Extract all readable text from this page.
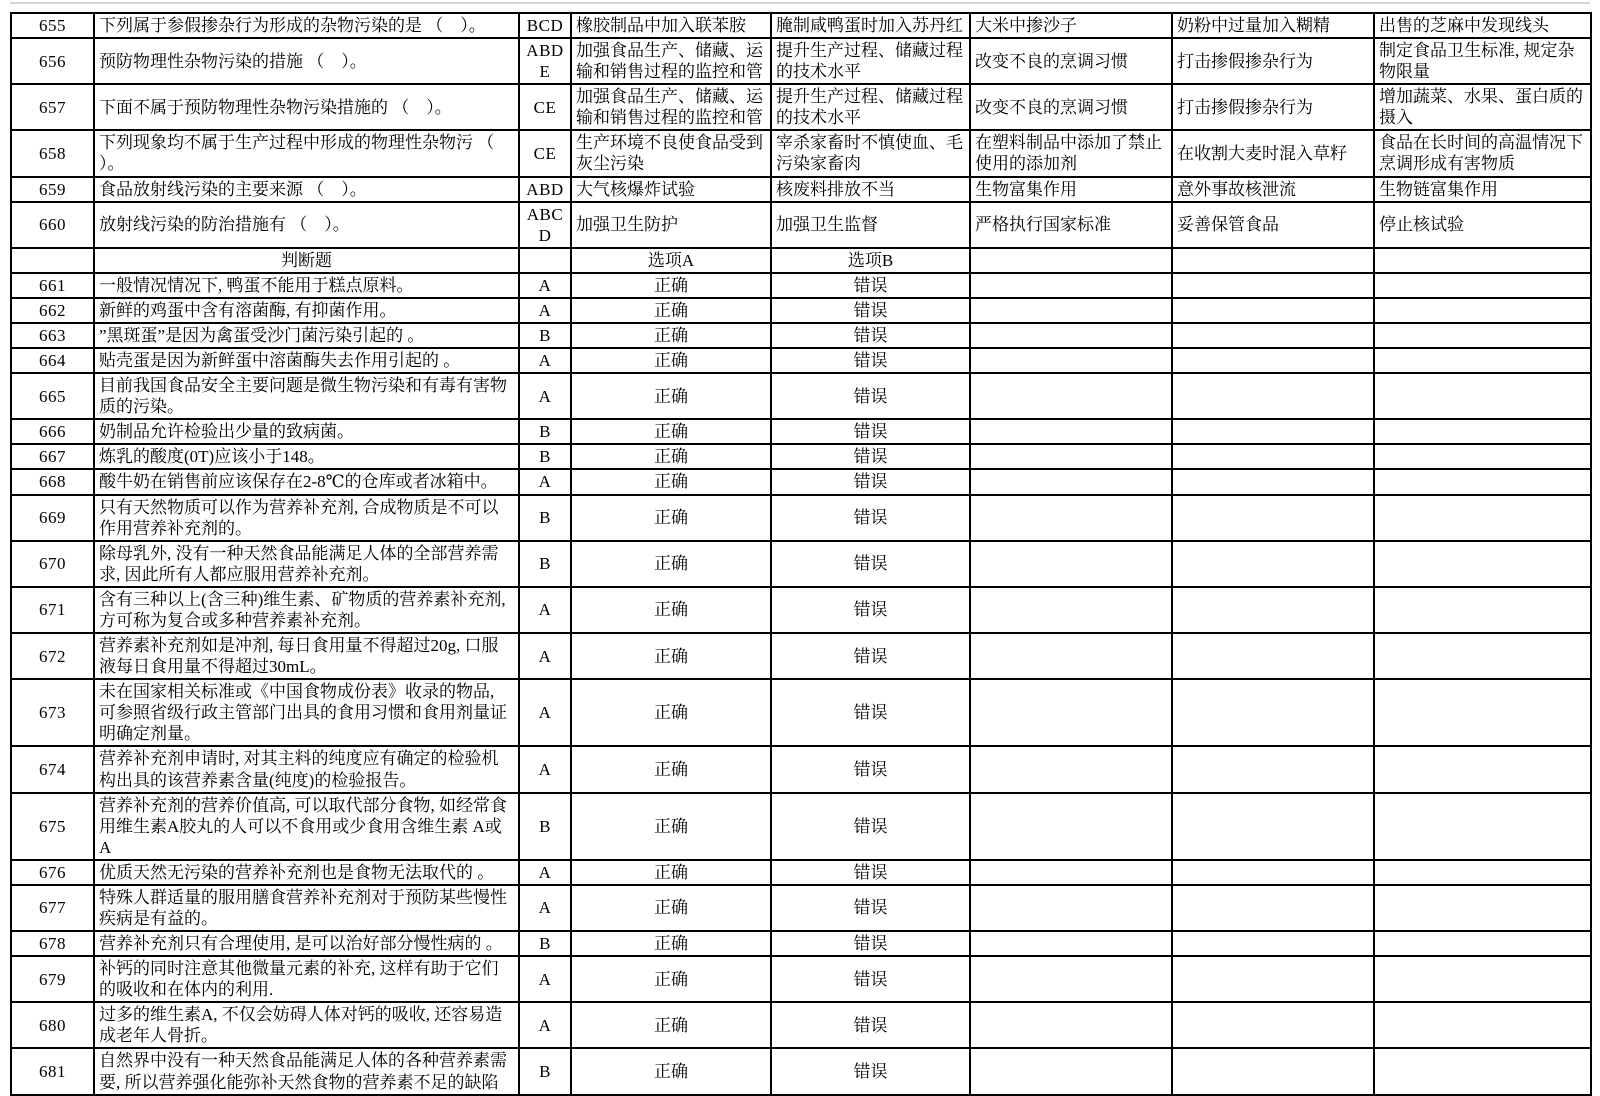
655	下列属于参假掺杂行为形成的杂物污染的是 （　）。	BCD	橡胶制品中加入联苯胺	腌制咸鸭蛋时加入苏丹红	大米中掺沙子	奶粉中过量加入糊精	出售的芝麻中发现线头
656	预防物理性杂物污染的措施 （　）。	ABDE	加强食品生产、储藏、运输和销售过程的监控和管	提升生产过程、储藏过程的技术水平	改变不良的烹调习惯	打击掺假掺杂行为	制定食品卫生标准, 规定杂物限量
657	下面不属于预防物理性杂物污染措施的 （　）。	CE	加强食品生产、储藏、运输和销售过程的监控和管	提升生产过程、储藏过程的技术水平	改变不良的烹调习惯	打击掺假掺杂行为	增加蔬菜、水果、蛋白质的摄入
658	下列现象均不属于生产过程中形成的物理性杂物污 （ ）。	CE	生产环境不良使食品受到灰尘污染	宰杀家畜时不慎使血、毛污染家畜肉	在塑料制品中添加了禁止使用的添加剂	在收割大麦时混入草籽	食品在长时间的高温情况下烹调形成有害物质
659	食品放射线污染的主要来源 （　）。	ABD	大气核爆炸试验	核废料排放不当	生物富集作用	意外事故核泄流	生物链富集作用
660	放射线污染的防治措施有 （　）。	ABCD	加强卫生防护	加强卫生监督	严格执行国家标准	妥善保管食品	停止核试验
	判断题		选项A	选项B			
661	一般情况情况下, 鸭蛋不能用于糕点原料。	A	正确	错误			
662	新鲜的鸡蛋中含有溶菌酶, 有抑菌作用。	A	正确	错误			
663	”黑斑蛋”是因为禽蛋受沙门菌污染引起的 。	B	正确	错误			
664	贴壳蛋是因为新鲜蛋中溶菌酶失去作用引起的 。	A	正确	错误			
665	目前我国食品安全主要问题是微生物污染和有毒有害物质的污染。	A	正确	错误			
666	奶制品允许检验出少量的致病菌。	B	正确	错误			
667	炼乳的酸度(0T)应该小于148。	B	正确	错误			
668	酸牛奶在销售前应该保存在2-8℃的仓库或者冰箱中。	A	正确	错误			
669	只有天然物质可以作为营养补充剂, 合成物质是不可以作用营养补充剂的。	B	正确	错误			
670	除母乳外, 没有一种天然食品能满足人体的全部营养需求, 因此所有人都应服用营养补充剂。	B	正确	错误			
671	含有三种以上(含三种)维生素、矿物质的营养素补充剂, 方可称为复合或多种营养素补充剂。	A	正确	错误			
672	营养素补充剂如是冲剂, 每日食用量不得超过20g, 口服液每日食用量不得超过30mL。	A	正确	错误			
673	未在国家相关标准或《中国食物成份表》收录的物品, 可参照省级行政主管部门出具的食用习惯和食用剂量证明确定剂量。	A	正确	错误			
674	营养补充剂申请时, 对其主料的纯度应有确定的检验机构出具的该营养素含量(纯度)的检验报告。	A	正确	错误			
675	营养补充剂的营养价值高, 可以取代部分食物, 如经常食用维生素A胶丸的人可以不食用或少食用含维生素 A或A	B	正确	错误			
676	优质天然无污染的营养补充剂也是食物无法取代的 。	A	正确	错误			
677	特殊人群适量的服用膳食营养补充剂对于预防某些慢性疾病是有益的。	A	正确	错误			
678	营养补充剂只有合理使用, 是可以治好部分慢性病的 。	B	正确	错误			
679	补钙的同时注意其他微量元素的补充, 这样有助于它们的吸收和在体内的利用.	A	正确	错误			
680	过多的维生素A, 不仅会妨碍人体对钙的吸收, 还容易造成老年人骨折。	A	正确	错误			
681	自然界中没有一种天然食品能满足人体的各种营养素需要, 所以营养强化能弥补天然食物的营养素不足的缺陷	B	正确	错误			
